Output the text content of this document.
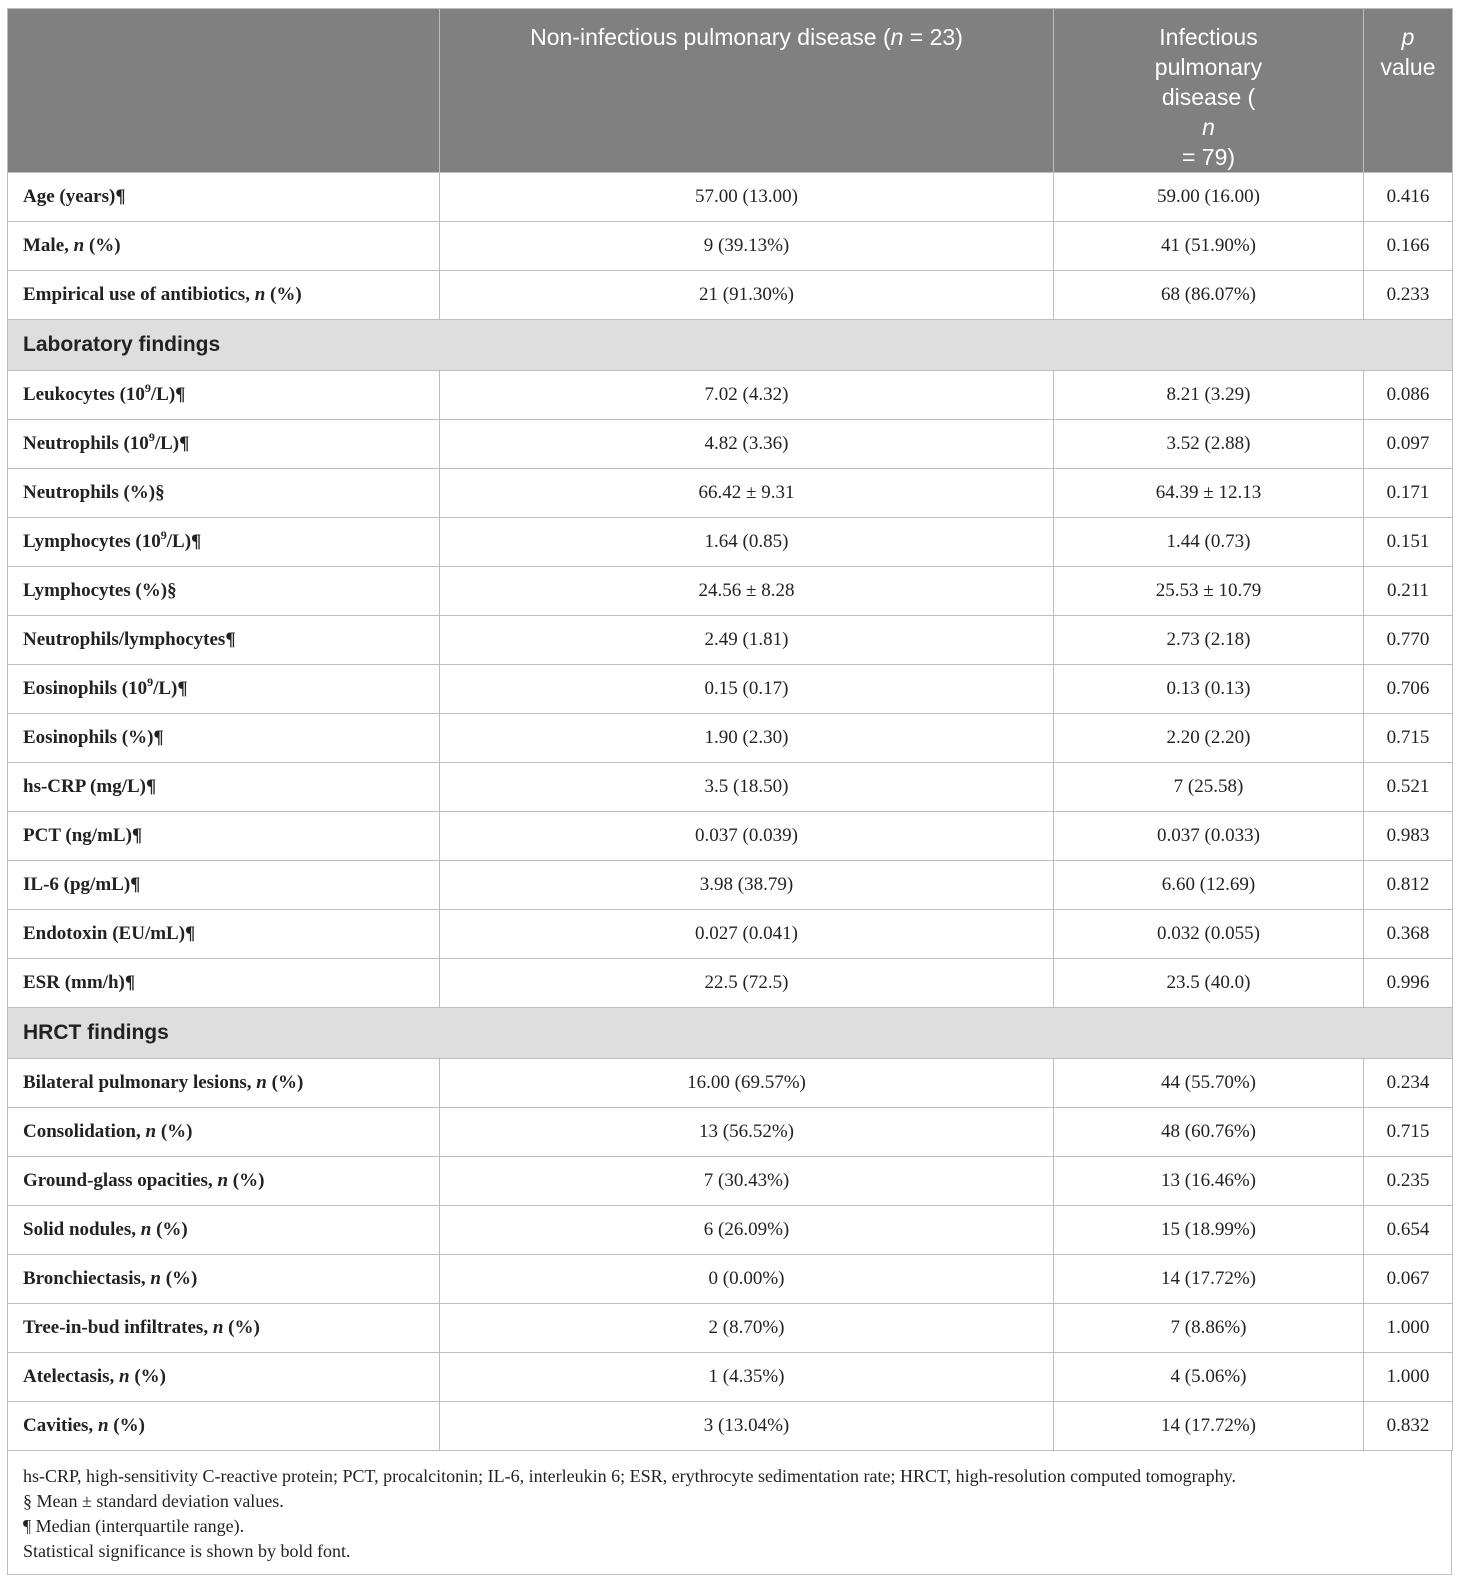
	Non-infectious pulmonary disease (n = 23)	Infectious
pulmonary
disease (
n
= 79)	p
value
Age (years)¶	57.00 (13.00)	59.00 (16.00)	0.416
Male, n (%)	9 (39.13%)	41 (51.90%)	0.166
Empirical use of antibiotics, n (%)	21 (91.30%)	68 (86.07%)	0.233
Laboratory findings			
Leukocytes $(10^9/L)\P$	7.02 (4.32)	8.21 (3.29)	0.086
Neutrophils $(10^9/L)\P$	4.82 (3.36)	3.52 (2.88)	0.097
Neutrophils (%)§	66.42 ± 9.31	64.39 ± 12.13	0.171
Lymphocytes $(10^9/L)\P$	1.64 (0.85)	1.44 (0.73)	0.151
Lymphocytes (%)§	24.56 ± 8.28	25.53 ± 10.79	0.211
Neutrophils/lymphocytes¶	2.49 (1.81)	2.73 (2.18)	0.770
Eosinophils $(10^9/L)\P$	0.15 (0.17)	0.13 (0.13)	0.706
Eosinophils (%)¶	1.90 (2.30)	2.20 (2.20)	0.715
hs-CRP (mg/L)¶	3.5 (18.50)	7 (25.58)	0.521
PCT (ng/mL)¶	0.037 (0.039)	0.037 (0.033)	0.983
IL-6 (pg/mL)¶	3.98 (38.79)	6.60 (12.69)	0.812
Endotoxin (EU/mL)¶	0.027 (0.041)	0.032 (0.055)	0.368
ESR (mm/h)¶	22.5 (72.5)	23.5 (40.0)	0.996
HRCT findings			
Bilateral pulmonary lesions, n (%)	16.00 (69.57%)	44 (55.70%)	0.234
Consolidation, n (%)	13 (56.52%)	48 (60.76%)	0.715
Ground-glass opacities, n (%)	7 (30.43%)	13 (16.46%)	0.235
Solid nodules, n (%)	6 (26.09%)	15 (18.99%)	0.654
Bronchiectasis, n (%)	0 (0.00%)	14 (17.72%)	0.067
Tree-in-bud infiltrates, n (%)	2 (8.70%)	7 (8.86%)	1.000
Atelectasis, n (%)	1 (4.35%)	4 (5.06%)	1.000
Cavities, n (%)	3 (13.04%)	14 (17.72%)	0.832
hs-CRP, high-sensitivity C-reactive protein; PCT, procalcitonin; IL-6, interleukin 6; ESR, erythrocyte sedimentation rate; HRCT, high-resolution computed tomography.
§ Mean ± standard deviation values.
¶ Median (interquartile range).
Statistical significance is shown by bold font.
